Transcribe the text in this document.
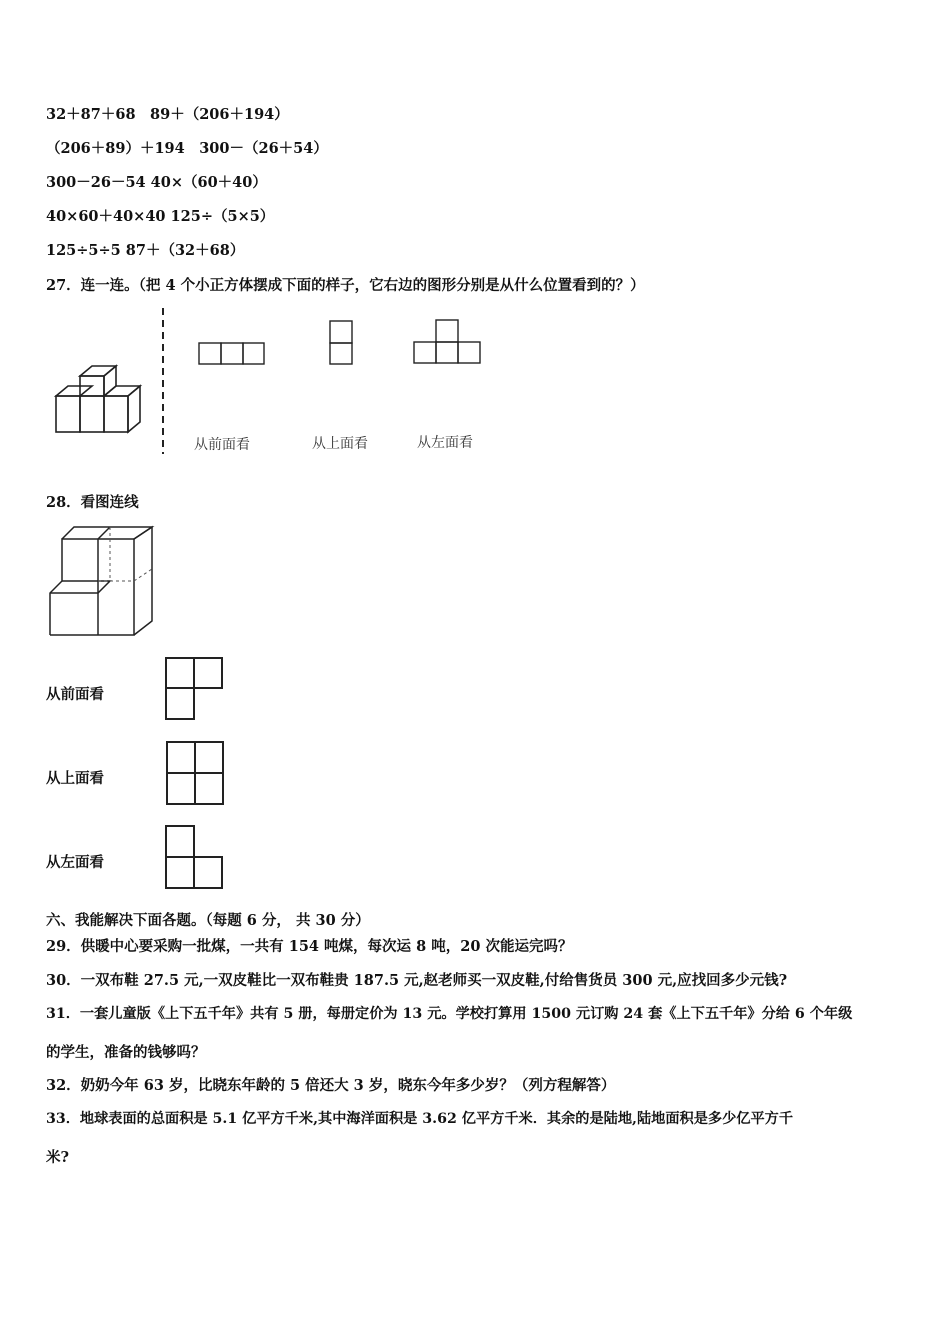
32＋87＋68　89＋（206＋194）
（206＋89）＋194　300－（26＋54）
300－26－54 40×（60＋40）
40×60＋40×40 125÷（5×5）
125÷5÷5 87＋（32＋68）
27．连一连。（把 4 个小正方体摆成下面的样子，它右边的图形分别是从什么位置看到的？）
从前面看	从上面看	从左面看
28．看图连线
从前面看
从上面看
从左面看
六、我能解决下面各题。（每题 6 分， 共 30 分）
29．供暖中心要采购一批煤，一共有 154 吨煤，每次运 8 吨，20 次能运完吗？
30．一双布鞋 27.5 元,一双皮鞋比一双布鞋贵 187.5 元,赵老师买一双皮鞋,付给售货员 300 元,应找回多少元钱?
31．一套儿童版《上下五千年》共有 5 册，每册定价为 13 元。学校打算用 1500 元订购 24 套《上下五千年》分给 6 个年级
的学生，准备的钱够吗？
32．奶奶今年 63 岁，比晓东年龄的 5 倍还大 3 岁，晓东今年多少岁？（列方程解答）
33．地球表面的总面积是 5.1 亿平方千米,其中海洋面积是 3.62 亿平方千米．其余的是陆地,陆地面积是多少亿平方千
米?
